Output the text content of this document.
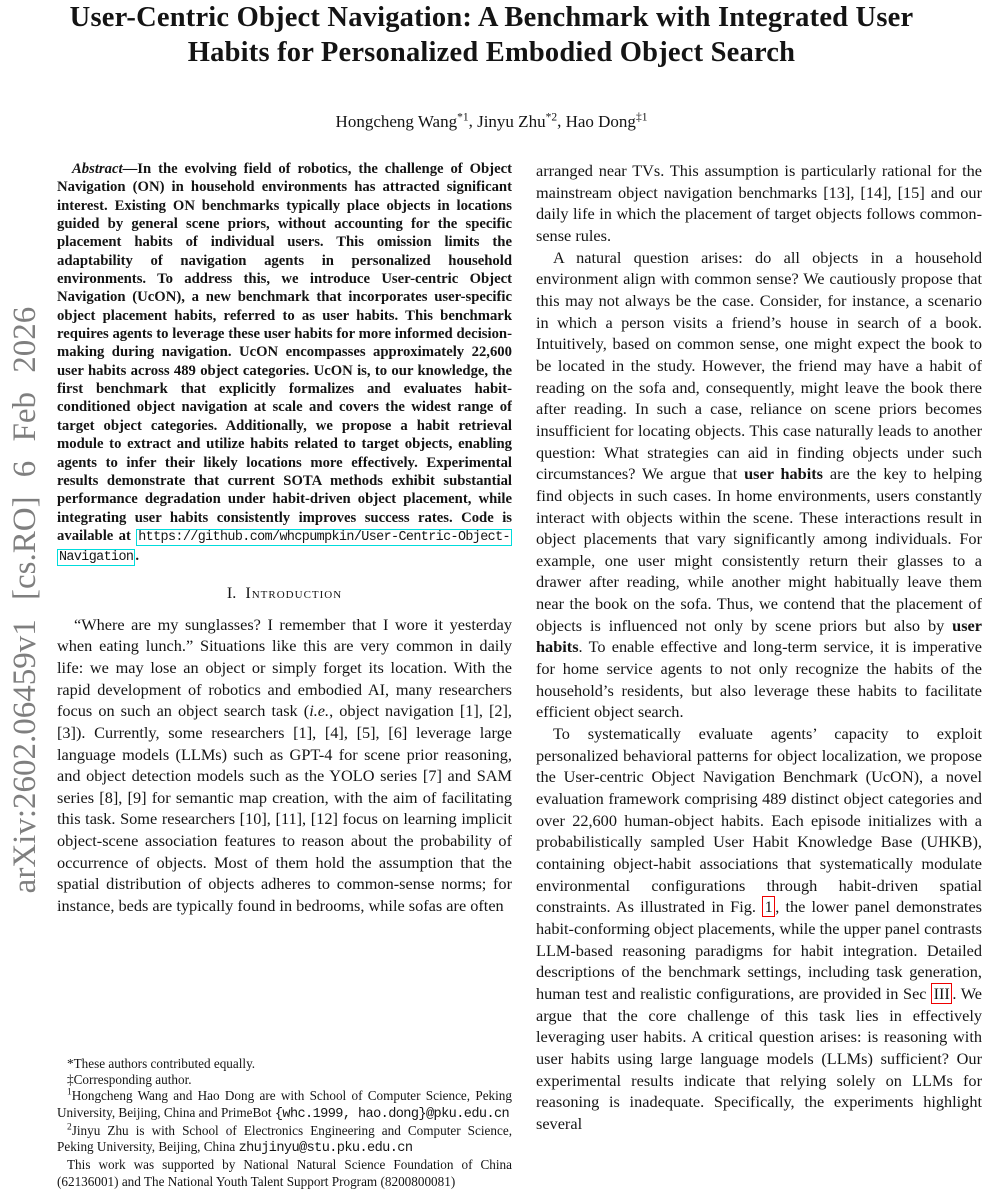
arXiv:2602.06459v1 [cs.RO] 6 Feb 2026
User-Centric Object Navigation: A Benchmark with Integrated User Habits for Personalized Embodied Object Search
Hongcheng Wang$^{*1}$, Jinyu Zhu$^{*2}$, Hao Dong$^{\ddagger 1}$

Abstract—In the evolving field of robotics, the challenge of Object Navigation (ON) in household environments has attracted significant interest. Existing ON benchmarks typically place objects in locations guided by general scene priors, without accounting for the specific placement habits of individual users. This omission limits the adaptability of navigation agents in personalized household environments. To address this, we introduce User-centric Object Navigation (UcON), a new benchmark that incorporates user-specific object placement habits, referred to as user habits. This benchmark requires agents to leverage these user habits for more informed decision-making during navigation. UcON encompasses approximately 22,600 user habits across 489 object categories. UcON is, to our knowledge, the first benchmark that explicitly formalizes and evaluates habit-conditioned object navigation at scale and covers the widest range of target object categories. Additionally, we propose a habit retrieval module to extract and utilize habits related to target objects, enabling agents to infer their likely locations more effectively. Experimental results demonstrate that current SOTA methods exhibit substantial performance degradation under habit-driven object placement, while integrating user habits consistently improves success rates. Code is available at https://github.com/whcpumpkin/User-Centric-Object-Navigation .

I. Introduction

“Where are my sunglasses? I remember that I wore it yesterday when eating lunch.” Situations like this are very common in daily life: we may lose an object or simply forget its location. With the rapid development of robotics and embodied AI, many researchers focus on such an object search task (i.e., object navigation [1], [2], [3]). Currently, some researchers [1], [4], [5], [6] leverage large language models (LLMs) such as GPT-4 for scene prior reasoning, and object detection models such as the YOLO series [7] and SAM series [8], [9] for semantic map creation, with the aim of facilitating this task. Some researchers [10], [11], [12] focus on learning implicit object-scene association features to reason about the probability of occurrence of objects. Most of them hold the assumption that the spatial distribution of objects adheres to common-sense norms; for instance, beds are typically found in bedrooms, while sofas are often

*These authors contributed equally.

‡Corresponding author.

$^1$Hongcheng Wang and Hao Dong are with School of Computer Science, Peking University, Beijing, China and PrimeBot {whc.1999, hao.dong}@pku.edu.cn

$^2$Jinyu Zhu is with School of Electronics Engineering and Computer Science, Peking University, Beijing, China zhujinyu@stu.pku.edu.cn

This work was supported by National Natural Science Foundation of China (62136001) and The National Youth Talent Support Program (8200800081)

arranged near TVs. This assumption is particularly rational for the mainstream object navigation benchmarks [13], [14], [15] and our daily life in which the placement of target objects follows common-sense rules.

A natural question arises: do all objects in a household environment align with common sense? We cautiously propose that this may not always be the case. Consider, for instance, a scenario in which a person visits a friend’s house in search of a book. Intuitively, based on common sense, one might expect the book to be located in the study. However, the friend may have a habit of reading on the sofa and, consequently, might leave the book there after reading. In such a case, reliance on scene priors becomes insufficient for locating objects. This case naturally leads to another question: What strategies can aid in finding objects under such circumstances? We argue that user habits are the key to helping find objects in such cases. In home environments, users constantly interact with objects within the scene. These interactions result in object placements that vary significantly among individuals. For example, one user might consistently return their glasses to a drawer after reading, while another might habitually leave them near the book on the sofa. Thus, we contend that the placement of objects is influenced not only by scene priors but also by user habits. To enable effective and long-term service, it is imperative for home service agents to not only recognize the habits of the household’s residents, but also leverage these habits to facilitate efficient object search.

To systematically evaluate agents’ capacity to exploit personalized behavioral patterns for object localization, we propose the User-centric Object Navigation Benchmark (UcON), a novel evaluation framework comprising 489 distinct object categories and over 22,600 human-object habits. Each episode initializes with a probabilistically sampled User Habit Knowledge Base (UHKB), containing object-habit associations that systematically modulate environmental configurations through habit-driven spatial constraints. As illustrated in Fig. 1 , the lower panel demonstrates habit-conforming object placements, while the upper panel contrasts LLM-based reasoning paradigms for habit integration. Detailed descriptions of the benchmark settings, including task generation, human test and realistic configurations, are provided in Sec III . We argue that the core challenge of this task lies in effectively leveraging user habits. A critical question arises: is reasoning with user habits using large language models (LLMs) sufficient? Our experimental results indicate that relying solely on LLMs for reasoning is inadequate. Specifically, the experiments highlight several
